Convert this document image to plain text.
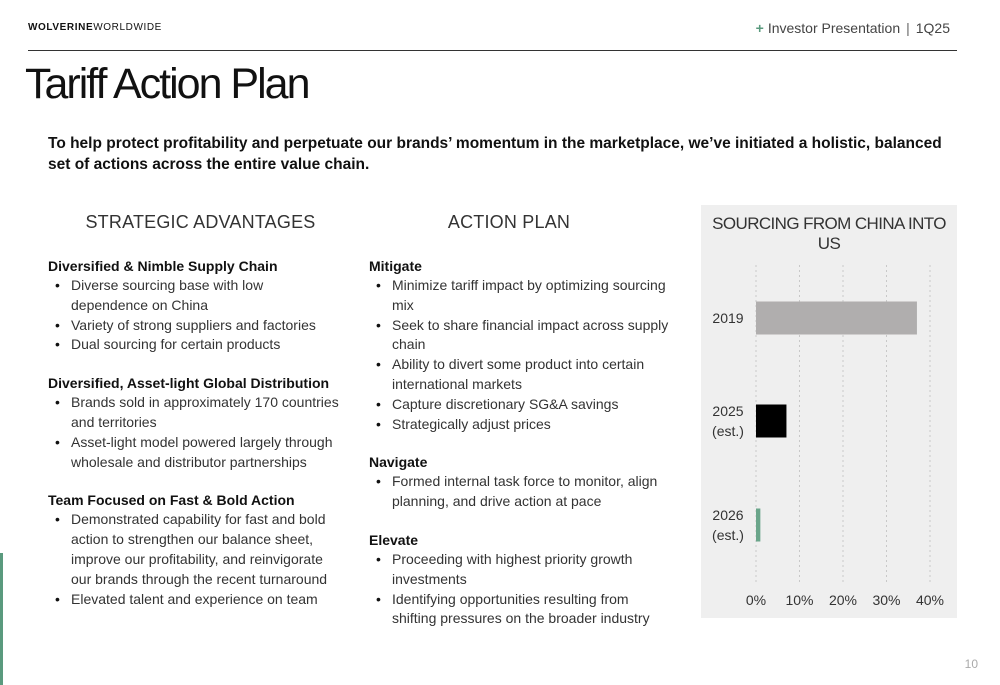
WOLVERINEWORLDWIDE	+ Investor Presentation | 1Q25
Tariff Action Plan

To help protect profitability and perpetuate our brands’ momentum in the marketplace, we’ve initiated a holistic, balanced set of actions across the entire value chain.

STRATEGIC ADVANTAGES
Diversified & Nimble Supply Chain
• Diverse sourcing base with low dependence on China
• Variety of strong suppliers and factories
• Dual sourcing for certain products
Diversified, Asset-light Global Distribution
• Brands sold in approximately 170 countries and territories
• Asset-light model powered largely through wholesale and distributor partnerships
Team Focused on Fast & Bold Action
• Demonstrated capability for fast and bold action to strengthen our balance sheet, improve our profitability, and reinvigorate our brands through the recent turnaround
• Elevated talent and experience on team
ACTION PLAN
Mitigate
• Minimize tariff impact by optimizing sourcing mix
• Seek to share financial impact across supply chain
• Ability to divert some product into certain international markets
• Capture discretionary SG&A savings
• Strategically adjust prices
Navigate
• Formed internal task force to monitor, align planning, and drive action at pace
Elevate
• Proceeding with highest priority growth investments
• Identifying opportunities resulting from shifting pressures on the broader industry
SOURCING FROM CHINA INTO US
2019
2025
(est.)
2026
(est.)
0% 10% 20% 30% 40%
10
